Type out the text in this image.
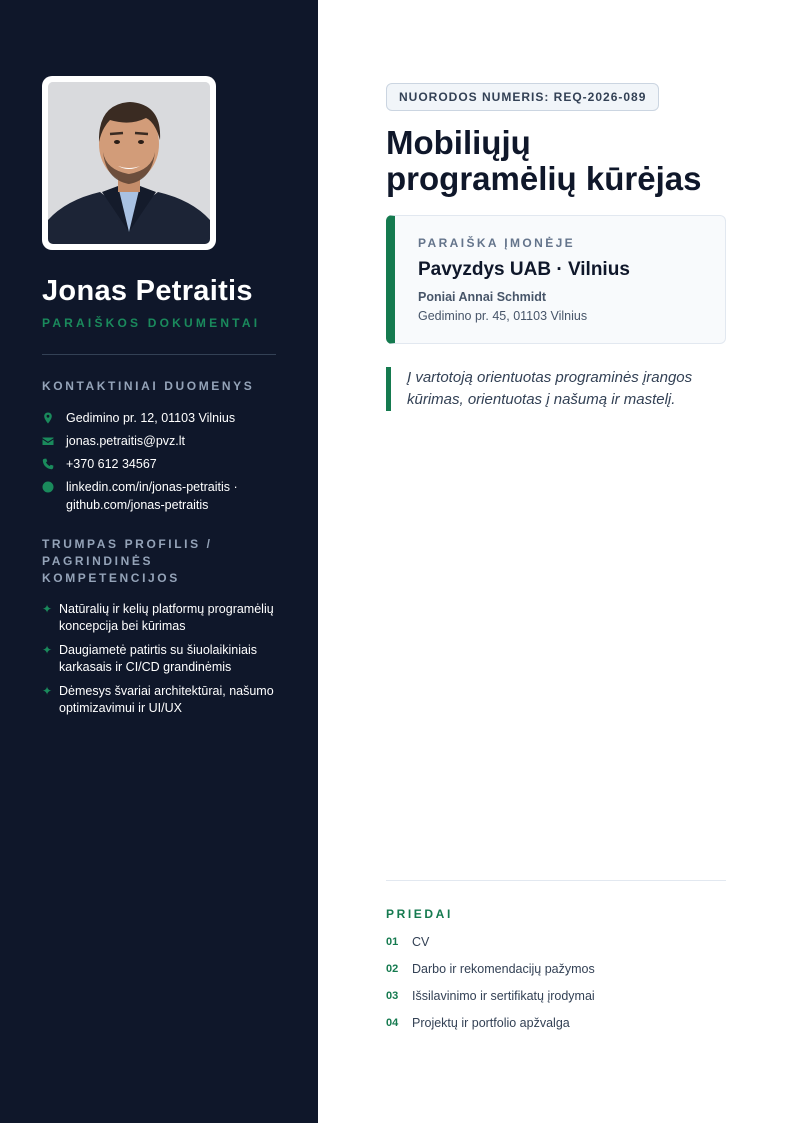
Jonas Petraitis
PARAIŠKOS DOKUMENTAI
KONTAKTINIAI DUOMENYS
Gedimino pr. 12, 01103 Vilnius
jonas.petraitis@pvz.lt
+370 612 34567
linkedin.com/in/jonas-petraitis · github.com/jonas-petraitis
TRUMPAS PROFILIS / PAGRINDINĖS KOMPETENCIJOS
✦ Natūralių ir kelių platformų programėlių koncepcija bei kūrimas
✦ Daugiametė patirtis su šiuolaikiniais karkasais ir CI/CD grandinėmis
✦ Dėmesys švariai architektūrai, našumo optimizavimui ir UI/UX
NUORODOS NUMERIS: REQ-2026-089
Mobiliųjų programėlių kūrėjas
PARAIŠKA ĮMONĖJE
Pavyzdys UAB · Vilnius
Poniai Annai Schmidt
Gedimino pr. 45, 01103 Vilnius
Į vartotoją orientuotas programinės įrangos kūrimas, orientuotas į našumą ir mastelį.
PRIEDAI
01	CV
02	Darbo ir rekomendacijų pažymos
03	Išsilavinimo ir sertifikatų įrodymai
04	Projektų ir portfolio apžvalga
